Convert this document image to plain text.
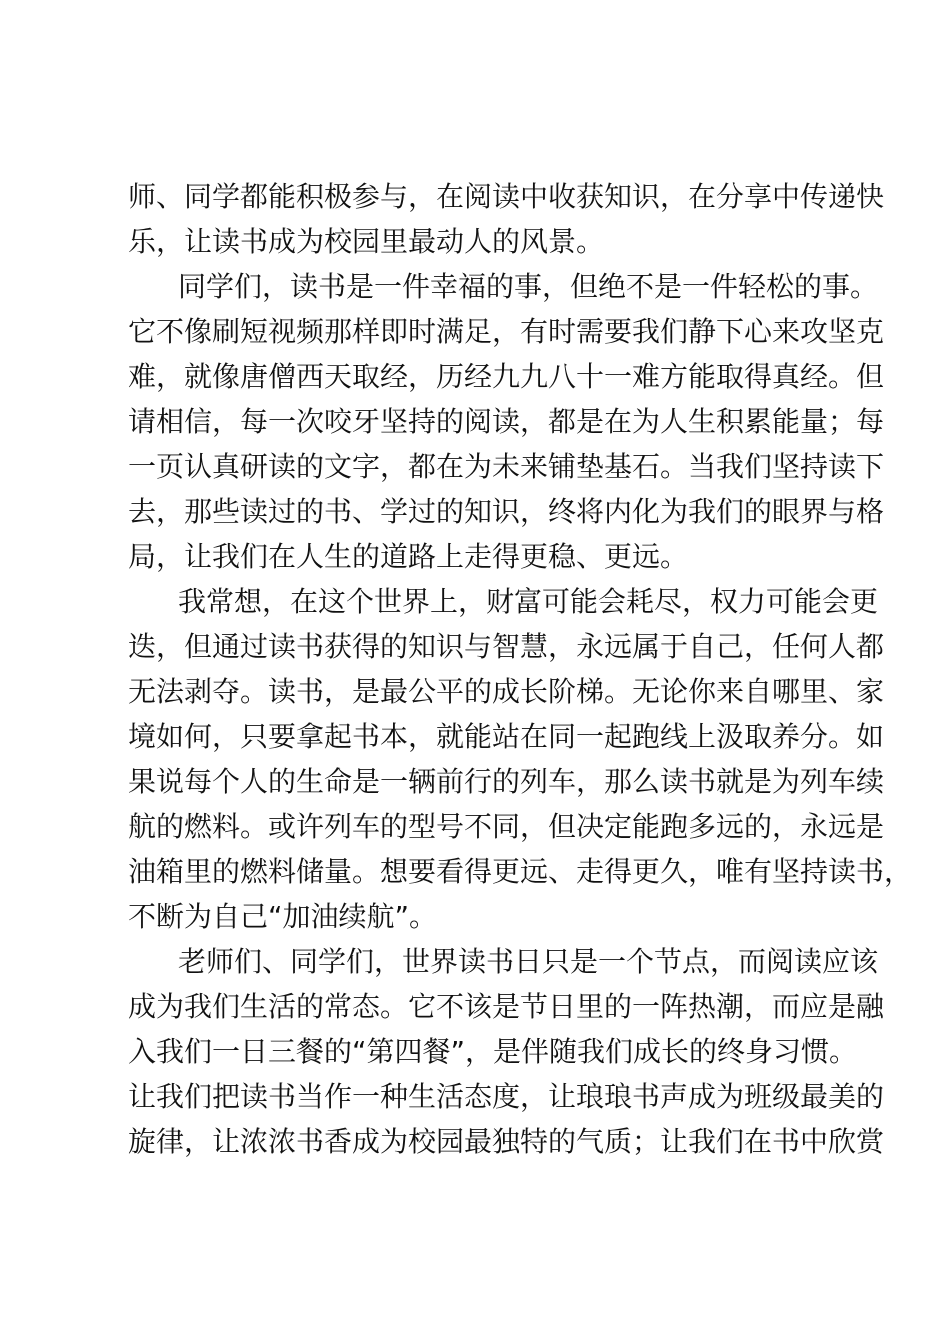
师、同学都能积极参与，在阅读中收获知识，在分享中传递快
乐，让读书成为校园里最动人的风景。
同学们，读书是一件幸福的事，但绝不是一件轻松的事。
它不像刷短视频那样即时满足，有时需要我们静下心来攻坚克
难，就像唐僧西天取经，历经九九八十一难方能取得真经。但
请相信，每一次咬牙坚持的阅读，都是在为人生积累能量；每
一页认真研读的文字，都在为未来铺垫基石。当我们坚持读下
去，那些读过的书、学过的知识，终将内化为我们的眼界与格
局，让我们在人生的道路上走得更稳、更远。
我常想，在这个世界上，财富可能会耗尽，权力可能会更
迭，但通过读书获得的知识与智慧，永远属于自己，任何人都
无法剥夺。读书，是最公平的成长阶梯。无论你来自哪里、家
境如何，只要拿起书本，就能站在同一起跑线上汲取养分。如
果说每个人的生命是一辆前行的列车，那么读书就是为列车续
航的燃料。或许列车的型号不同，但决定能跑多远的，永远是
油箱里的燃料储量。想要看得更远、走得更久，唯有坚持读书，
不断为自己“加油续航”。
老师们、同学们，世界读书日只是一个节点，而阅读应该
成为我们生活的常态。它不该是节日里的一阵热潮，而应是融
入我们一日三餐的“第四餐”，是伴随我们成长的终身习惯。
让我们把读书当作一种生活态度，让琅琅书声成为班级最美的
旋律，让浓浓书香成为校园最独特的气质；让我们在书中欣赏
